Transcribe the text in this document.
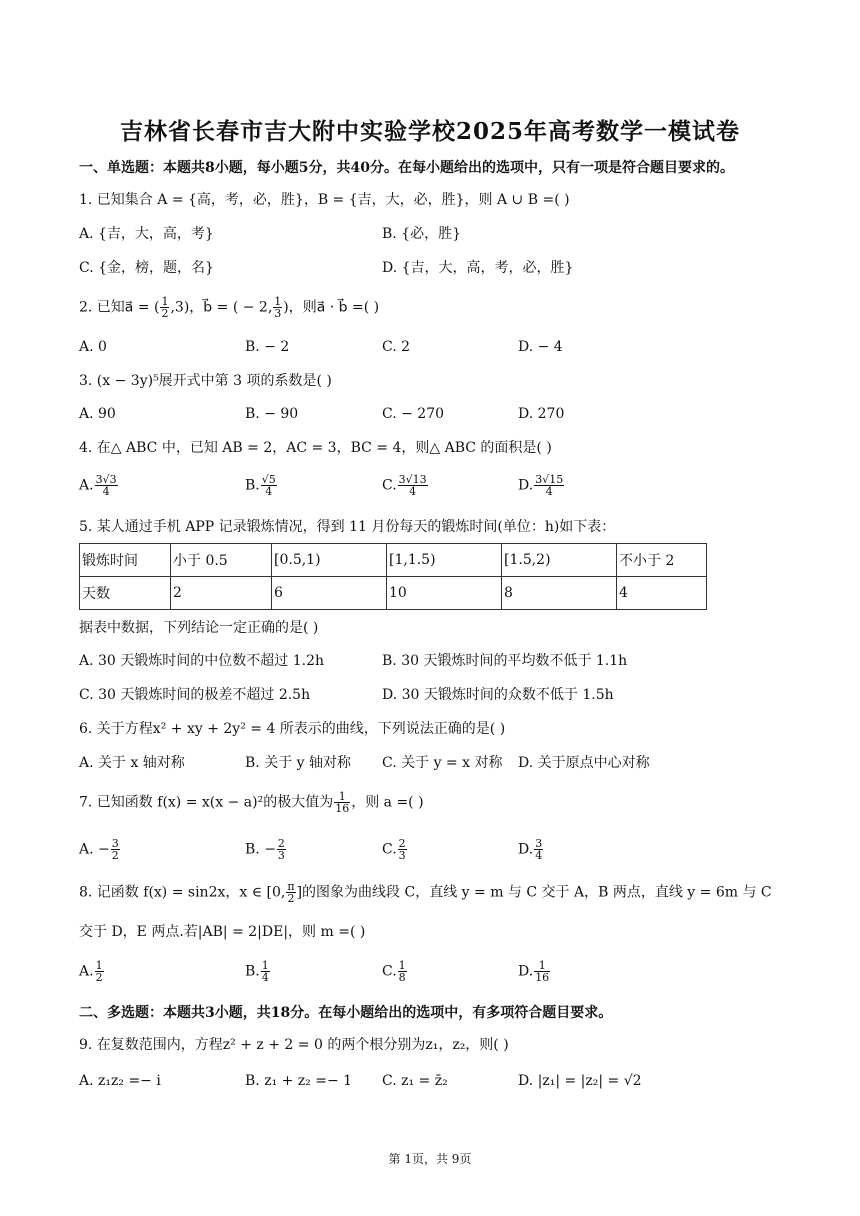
吉林省长春市吉大附中实验学校2025年高考数学一模试卷
一、单选题：本题共8小题，每小题5分，共40分。在每小题给出的选项中，只有一项是符合题目要求的。
1. 已知集合 A = {高，考，必，胜}，B = {吉，大，必，胜}，则 A ∪ B =( )
A. {吉，大，高，考}	B. {必，胜}
C. {金，榜，题，名}	D. {吉，大，高，考，必，胜}
2. 已知a⃗ = ( $\frac{1}{2} ,3$)，b⃗ = ( − 2, $\frac{1}{3}$ )，则a⃗ · b⃗ =( )
A. 0	B. − 2	C. 2	D. − 4
3. (x − 3y)⁵展开式中第 3 项的系数是( )
A. 90	B. − 90	C. − 270	D. 270
4. 在△ ABC 中，已知 AB = 2，AC = 3，BC = 4，则△ ABC 的面积是( )
A. $\frac{3√3}{4}$	B. $\frac{√5}{4}$	C. $\frac{3√13}{4}$	D. $\frac{3√15}{4}$
5. 某人通过手机 APP 记录锻炼情况，得到 11 月份每天的锻炼时间(单位：h)如下表：
锻炼时间	小于 0.5	[0.5,1)	[1,1.5)	[1.5,2)	不小于 2
天数	2	6	10	8	4
据表中数据，下列结论一定正确的是( )
A. 30 天锻炼时间的中位数不超过 1.2h	B. 30 天锻炼时间的平均数不低于 1.1h
C. 30 天锻炼时间的极差不超过 2.5h	D. 30 天锻炼时间的众数不低于 1.5h
6. 关于方程x² + xy + 2y² = 4 所表示的曲线，下列说法正确的是( )
A. 关于 x 轴对称	B. 关于 y 轴对称 C. 关于 y = x 对称 D. 关于原点中心对称
7. 已知函数 f(x) = x(x − a)²的极大值为 $\frac{1}{16}$ ，则 a =( )
A. − $\frac{3}{2}$	B. − $\frac{2}{3}$	C. $\frac{2}{3}$	D. $\frac{3}{4}$
8. 记函数 f(x) = sin2x，x ∈ [0, $\frac{\pi}{2}$ ]的图象为曲线段 C，直线 y = m 与 C 交于 A，B 两点，直线 y = 6m 与 C
交于 D，E 两点.若|AB| = 2|DE|，则 m =( )
A. $\frac{1}{2}$	B. $\frac{1}{4}$	C. $\frac{1}{8}$	D. $\frac{1}{16}$
二、多选题：本题共3小题，共18分。在每小题给出的选项中，有多项符合题目要求。
9. 在复数范围内，方程z² + z + 2 = 0 的两个根分别为z₁，z₂，则( )
A. z₁z₂ =− i	B. z₁ + z₂ =− 1 C. z₁ = z̄₂	D. |z₁| = |z₂| = √2
第 1页，共 9页
